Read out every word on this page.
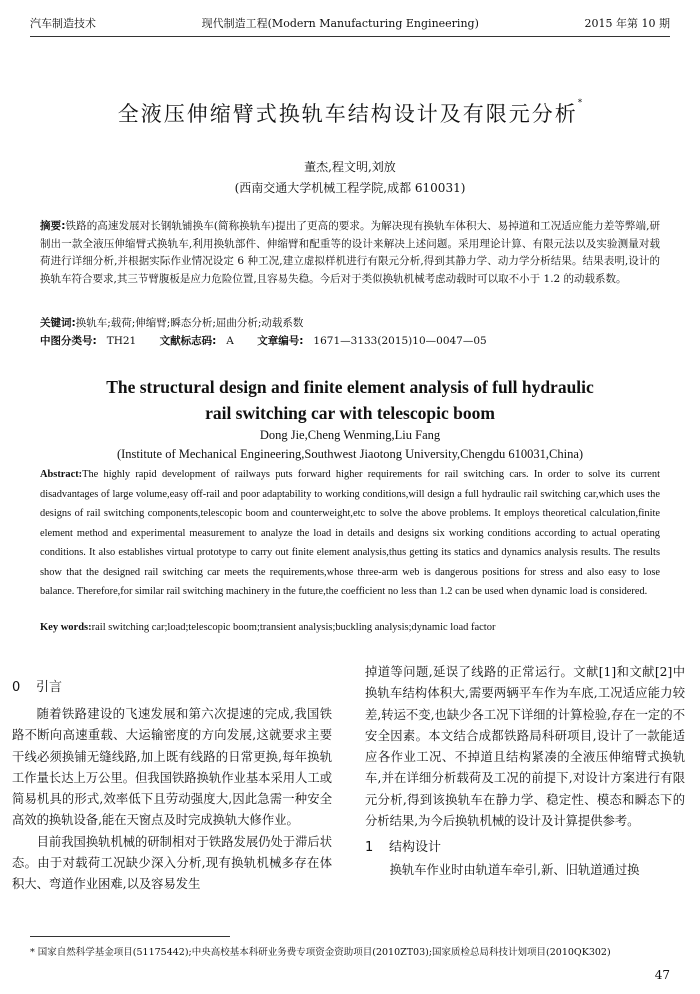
汽车制造技术	现代制造工程(Modern Manufacturing Engineering)	2015 年第 10 期
全液压伸缩臂式换轨车结构设计及有限元分析*
董杰,程文明,刘放
(西南交通大学机械工程学院,成都 610031)
摘要:铁路的高速发展对长钢轨铺换车(简称换轨车)提出了更高的要求。为解决现有换轨车体积大、易掉道和工况适应能力差等弊端,研制出一款全液压伸缩臂式换轨车,利用换轨部件、伸缩臂和配重等的设计来解决上述问题。采用理论计算、有限元法以及实验测量对载荷进行详细分析,并根据实际作业情况设定 6 种工况,建立虚拟样机进行有限元分析,得到其静力学、动力学分析结果。结果表明,设计的换轨车符合要求,其三节臂腹板是应力危险位置,且容易失稳。今后对于类似换轨机械考虑动载时可以取不小于 1.2 的动载系数。
关键词:换轨车;载荷;伸缩臂;瞬态分析;屈曲分析;动载系数
中图分类号: TH21 文献标志码: A 文章编号: 1671—3133(2015)10—0047—05
The structural design and finite element analysis of full hydraulic
rail switching car with telescopic boom
Dong Jie,Cheng Wenming,Liu Fang
(Institute of Mechanical Engineering,Southwest Jiaotong University,Chengdu 610031,China)
Abstract:The highly rapid development of railways puts forward higher requirements for rail switching cars. In order to solve its current disadvantages of large volume,easy off-rail and poor adaptability to working conditions,will design a full hydraulic rail switching car,which uses the designs of rail switching components,telescopic boom and counterweight,etc to solve the above problems. It employs theoretical calculation,finite element method and experimental measurement to analyze the load in details and designs six working conditions according to actual operating conditions. It also establishes virtual prototype to carry out finite element analysis,thus getting its statics and dynamics analysis results. The results show that the designed rail switching car meets the requirements,whose three-arm web is dangerous positions for stress and also easy to lose balance. Therefore,for similar rail switching machinery in the future,the coefficient no less than 1.2 can be used when dynamic load is considered.
Key words:rail switching car;load;telescopic boom;transient analysis;buckling analysis;dynamic load factor
0 引言

随着铁路建设的飞速发展和第六次提速的完成,我国铁路不断向高速重载、大运输密度的方向发展,这就要求主要干线必须换铺无缝线路,加上既有线路的日常更换,每年换轨工作量长达上万公里。但我国铁路换轨作业基本采用人工或简易机具的形式,效率低下且劳动强度大,因此急需一种安全高效的换轨设备,能在天窗点及时完成换轨大修作业。

目前我国换轨机械的研制相对于铁路发展仍处于滞后状态。由于对载荷工况缺少深入分析,现有换轨机械多存在体积大、弯道作业困难,以及容易发生

掉道等问题,延误了线路的正常运行。文献[1]和文献[2]中换轨车结构体积大,需要两辆平车作为车底,工况适应能力较差,转运不变,也缺少各工况下详细的计算检验,存在一定的不安全因素。本文结合成都铁路局科研项目,设计了一款能适应各作业工况、不掉道且结构紧凑的全液压伸缩臂式换轨车,并在详细分析载荷及工况的前提下,对设计方案进行有限元分析,得到该换轨车在静力学、稳定性、模态和瞬态下的分析结果,为今后换轨机械的设计及计算提供参考。

1 结构设计

换轨车作业时由轨道车牵引,新、旧轨道通过换

* 国家自然科学基金项目(51175442);中央高校基本科研业务费专项资金资助项目(2010ZT03);国家质检总局科技计划项目(2010QK302)
47
